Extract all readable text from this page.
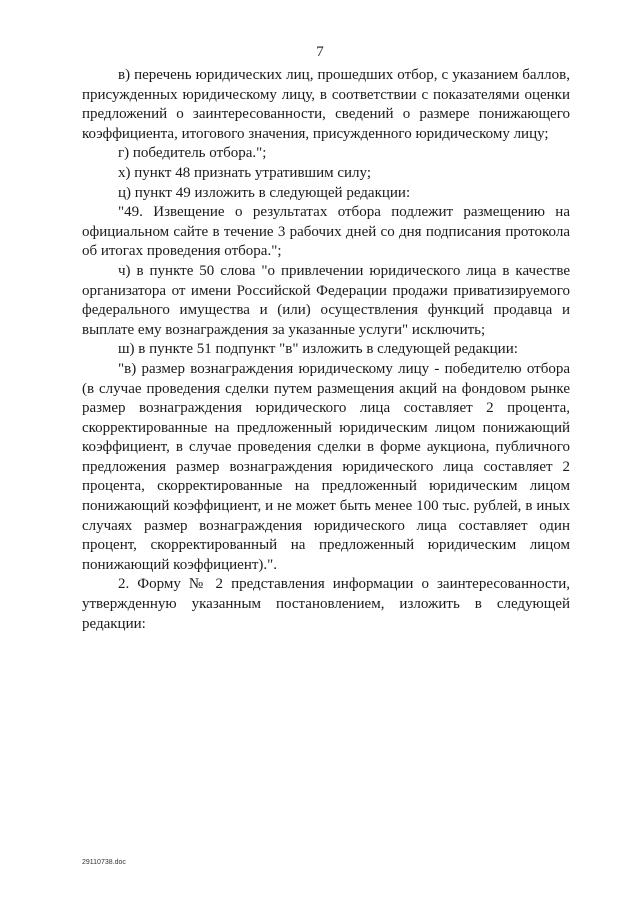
7

в) перечень юридических лиц, прошедших отбор, с указанием баллов, присужденных юридическому лицу, в соответствии с показателями оценки предложений о заинтересованности, сведений о размере понижающего коэффициента, итогового значения, присужденного юридическому лицу;

г) победитель отбора.";

х) пункт 48 признать утратившим силу;

ц) пункт 49 изложить в следующей редакции:

"49. Извещение о результатах отбора подлежит размещению на официальном сайте в течение 3 рабочих дней со дня подписания протокола об итогах проведения отбора.";

ч) в пункте 50 слова "о привлечении юридического лица в качестве организатора от имени Российской Федерации продажи приватизируемого федерального имущества и (или) осуществления функций продавца и выплате ему вознаграждения за указанные услуги" исключить;

ш) в пункте 51 подпункт "в" изложить в следующей редакции:

"в) размер вознаграждения юридическому лицу - победителю отбора (в случае проведения сделки путем размещения акций на фондовом рынке размер вознаграждения юридического лица составляет 2 процента, скорректированные на предложенный юридическим лицом понижающий коэффициент, в случае проведения сделки в форме аукциона, публичного предложения размер вознаграждения юридического лица составляет 2 процента, скорректированные на предложенный юридическим лицом понижающий коэффициент, и не может быть менее 100 тыс. рублей, в иных случаях размер вознаграждения юридического лица составляет один процент, скорректированный на предложенный юридическим лицом понижающий коэффициент).".

2. Форму № 2 представления информации о заинтересованности, утвержденную указанным постановлением, изложить в следующей редакции:

29110738.doc
